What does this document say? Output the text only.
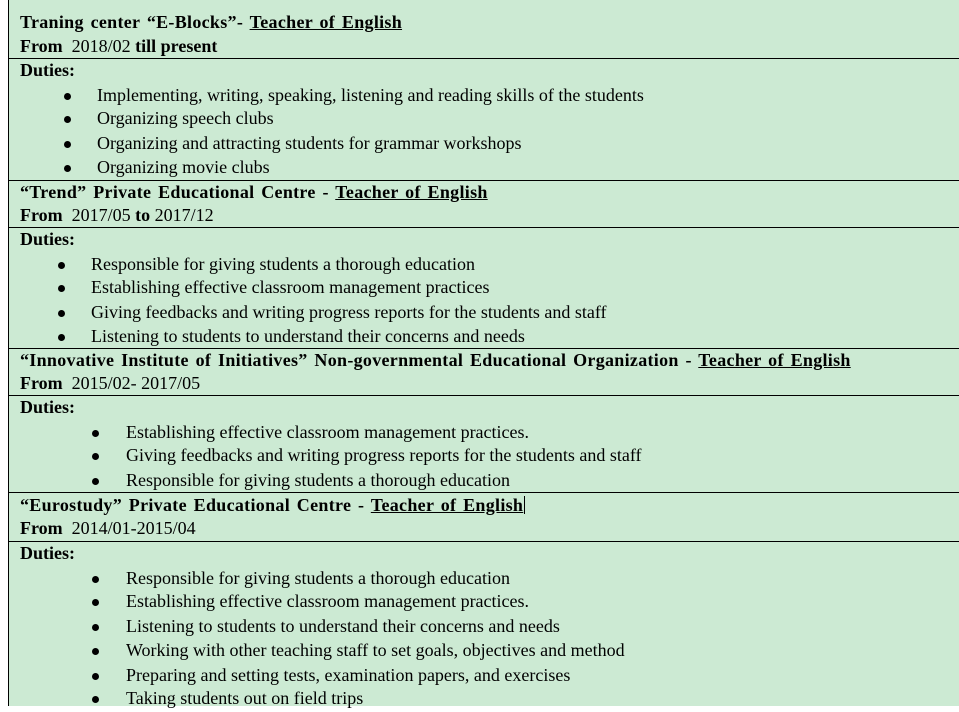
Traning center “E-Blocks”- Teacher of English
From 2018/02 till present
Duties:
Implementing, writing, speaking, listening and reading skills of the students
Organizing speech clubs
Organizing and attracting students for grammar workshops
Organizing movie clubs
“Trend” Private Educational Centre - Teacher of English
From 2017/05 to 2017/12
Duties:
Responsible for giving students a thorough education
Establishing effective classroom management practices
Giving feedbacks and writing progress reports for the students and staff
Listening to students to understand their concerns and needs
“Innovative Institute of Initiatives” Non-governmental Educational Organization - Teacher of English
From 2015/02- 2017/05
Duties:
Establishing effective classroom management practices.
Giving feedbacks and writing progress reports for the students and staff
Responsible for giving students a thorough education
“Eurostudy” Private Educational Centre - Teacher of English
From 2014/01-2015/04
Duties:
Responsible for giving students a thorough education
Establishing effective classroom management practices.
Listening to students to understand their concerns and needs
Working with other teaching staff to set goals, objectives and method
Preparing and setting tests, examination papers, and exercises
Taking students out on field trips
